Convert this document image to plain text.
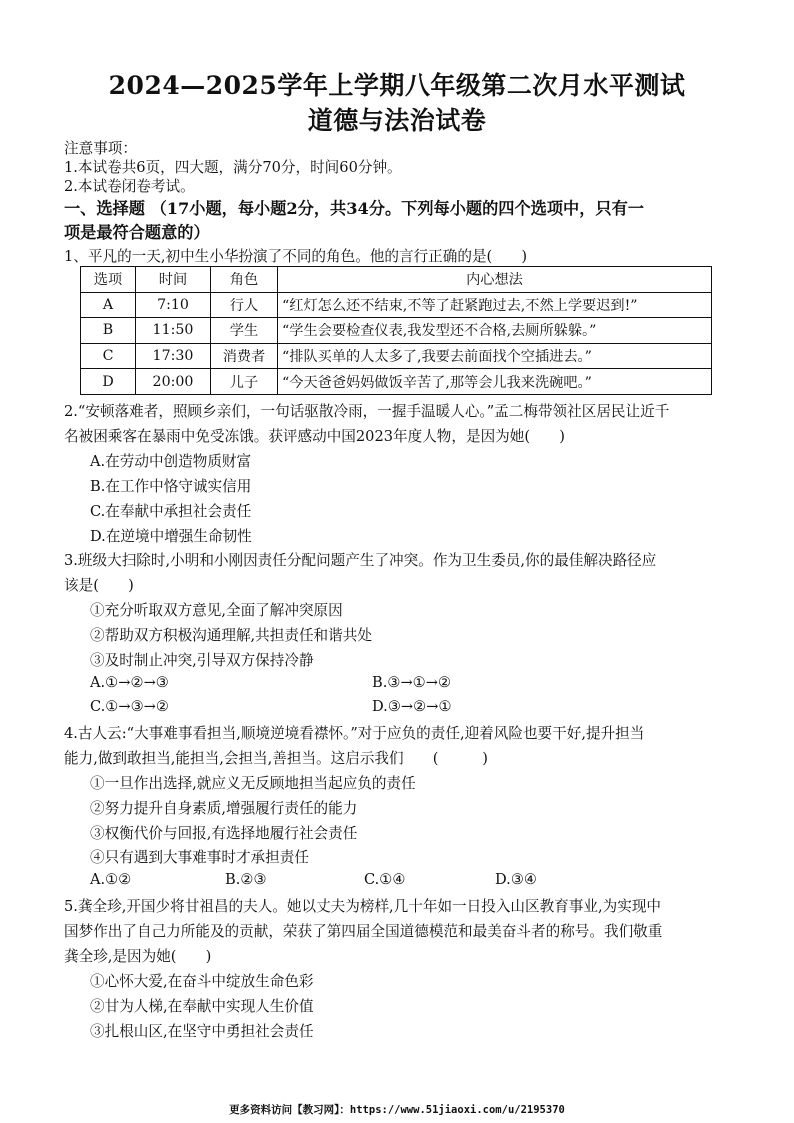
2024—2025学年上学期八年级第二次月水平测试
道德与法治试卷
注意事项：
1.本试卷共6页，四大题，满分70分，时间60分钟。
2.本试卷闭卷考试。
一、选择题 （17小题，每小题2分，共34分。下列每小题的四个选项中，只有一
项是最符合题意的）
1、平凡的一天,初中生小华扮演了不同的角色。他的言行正确的是(　　)
选项	时间	角色	内心想法
A	7:10	行人	“红灯怎么还不结束,不等了赶紧跑过去,不然上学要迟到!”
B	11:50	学生	“学生会要检查仪表,我发型还不合格,去厕所躲躲。”
C	17:30	消费者	“排队买单的人太多了,我要去前面找个空插进去。”
D	20:00	儿子	“今天爸爸妈妈做饭辛苦了,那等会儿我来洗碗吧。”
2.“安顿落难者，照顾乡亲们，一句话驱散冷雨，一握手温暖人心。”孟二梅带领社区居民让近千
名被困乘客在暴雨中免受冻饿。获评感动中国2023年度人物，是因为她(　　)
A.在劳动中创造物质财富
B.在工作中恪守诚实信用
C.在奉献中承担社会责任
D.在逆境中增强生命韧性
3.班级大扫除时,小明和小刚因责任分配问题产生了冲突。作为卫生委员,你的最佳解决路径应
该是(　　)
①充分听取双方意见,全面了解冲突原因
②帮助双方积极沟通理解,共担责任和谐共处
③及时制止冲突,引导双方保持冷静
A.①→②→③	B.③→①→②
C.①→③→②	D.③→②→①
4.古人云:“大事难事看担当,顺境逆境看襟怀。”对于应负的责任,迎着风险也要干好,提升担当
能力,做到敢担当,能担当,会担当,善担当。这启示我们　　(　　　)
①一旦作出选择,就应义无反顾地担当起应负的责任
②努力提升自身素质,增强履行责任的能力
③权衡代价与回报,有选择地履行社会责任
④只有遇到大事难事时才承担责任
A.①②	B.②③	C.①④	D.③④
5.龚全珍,开国少将甘祖昌的夫人。她以丈夫为榜样,几十年如一日投入山区教育事业,为实现中
国梦作出了自己力所能及的贡献，荣获了第四届全国道德模范和最美奋斗者的称号。我们敬重
龚全珍,是因为她(　　)
①心怀大爱,在奋斗中绽放生命色彩
②甘为人梯,在奉献中实现人生价值
③扎根山区,在坚守中勇担社会责任
更多资料访问【教习网】：https://www.51jiaoxi.com/u/2195370
